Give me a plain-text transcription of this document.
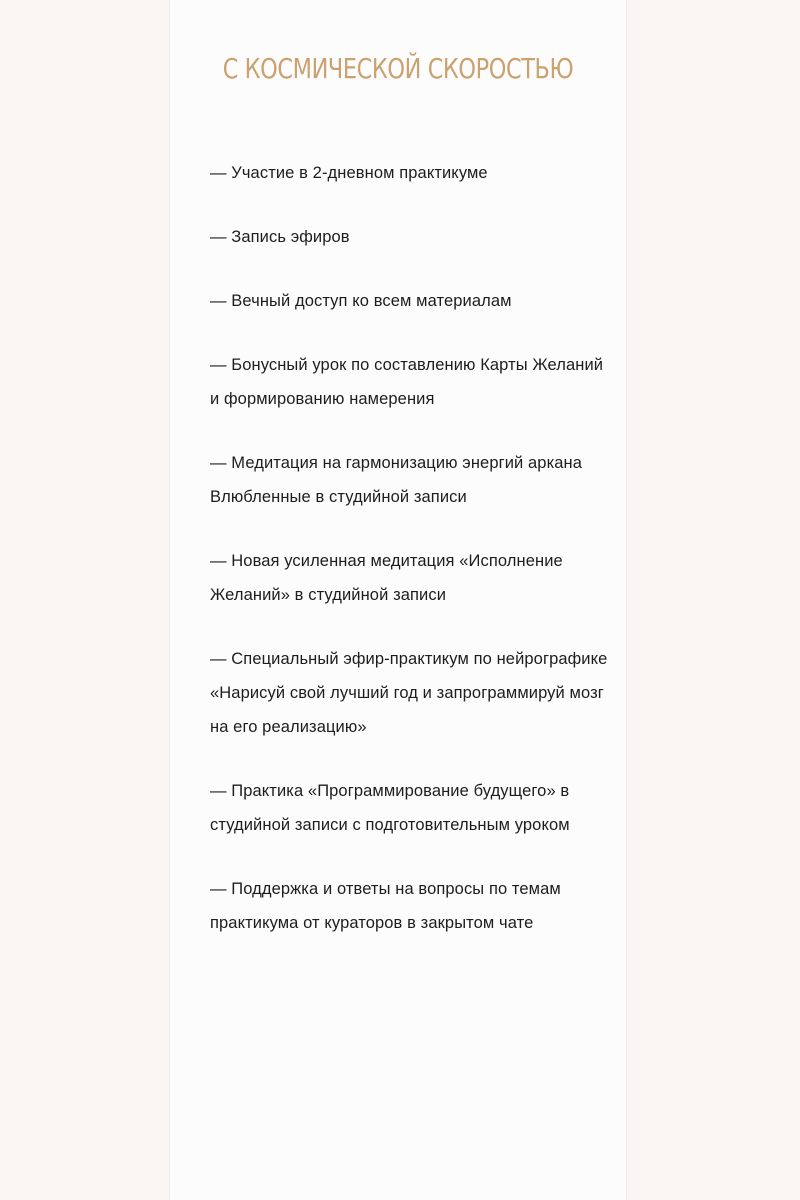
С КОСМИЧЕСКОЙ СКОРОСТЬЮ
— Участие в 2-дневном практикуме
— Запись эфиров
— Вечный доступ ко всем материалам
— Бонусный урок по составлению Карты Желаний и формированию намерения
— Медитация на гармонизацию энергий аркана Влюбленные в студийной записи
— Новая усиленная медитация «Исполнение Желаний» в студийной записи
— Специальный эфир-практикум по нейрографике «Нарисуй свой лучший год и запрограммируй мозг на его реализацию»
— Практика «Программирование будущего» в студийной записи с подготовительным уроком
— Поддержка и ответы на вопросы по темам практикума от кураторов в закрытом чате
